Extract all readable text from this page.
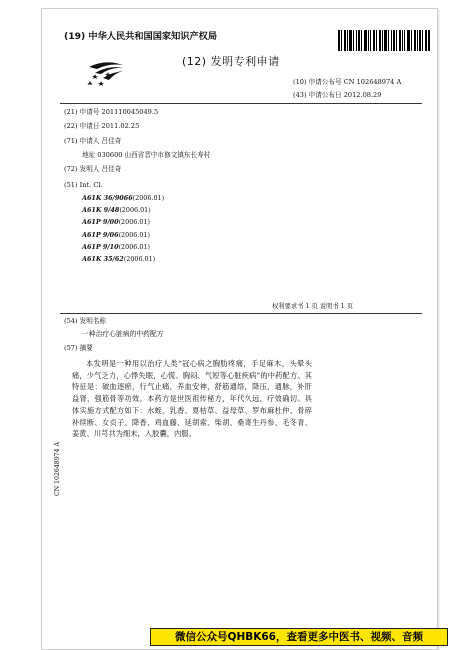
(19) 中华人民共和国国家知识产权局
(12) 发明专利申请
(10) 申请公布号 CN 102648974 A
(43) 申请公布日 2012.08.29
(21) 申请号 201110045049.5
(22) 申请日 2011.02.25
(71) 申请人 吕佳奇
地址 030600 山西省晋中市修文镇东长寿村
(72) 发明人 吕佳奇
(51) Int. Cl.
A61K 36/9066(2006.01)
A61K 9/48(2006.01)
A61P 9/00(2006.01)
A61P 9/06(2006.01)
A61P 9/10(2006.01)
A61K 35/62(2006.01)
权利要求书 1 页 说明书 1 页
(54) 发明名称
一种治疗心脏病的中药配方
(57) 摘要
本发明是一种用以治疗人类“冠心病之胸肋疼痛，手足麻木，头晕头痛，少气乏力，心悸失眠，心慌、胸闷、气短等心脏疾病”的中药配方。其特征是：破血逐瘀，行气止痛，养血安神，舒筋通络，降压，通脉，补肝益肾，强筋骨等功效。本药方是世医祖传秘方，年代久远，疗效确切。具体实施方式配方如下：水蛭、乳香、夏枯草、益母草、罗布麻杜仲、骨碎补续断、女贞子、降香、鸡血藤、延胡索、柴胡、桑寄生丹参、毛冬青、姜黄、川芎共为细末，入胶囊，内服。
CN 102648974 A
微信公众号QHBK66，查看更多中医书、视频、音频
